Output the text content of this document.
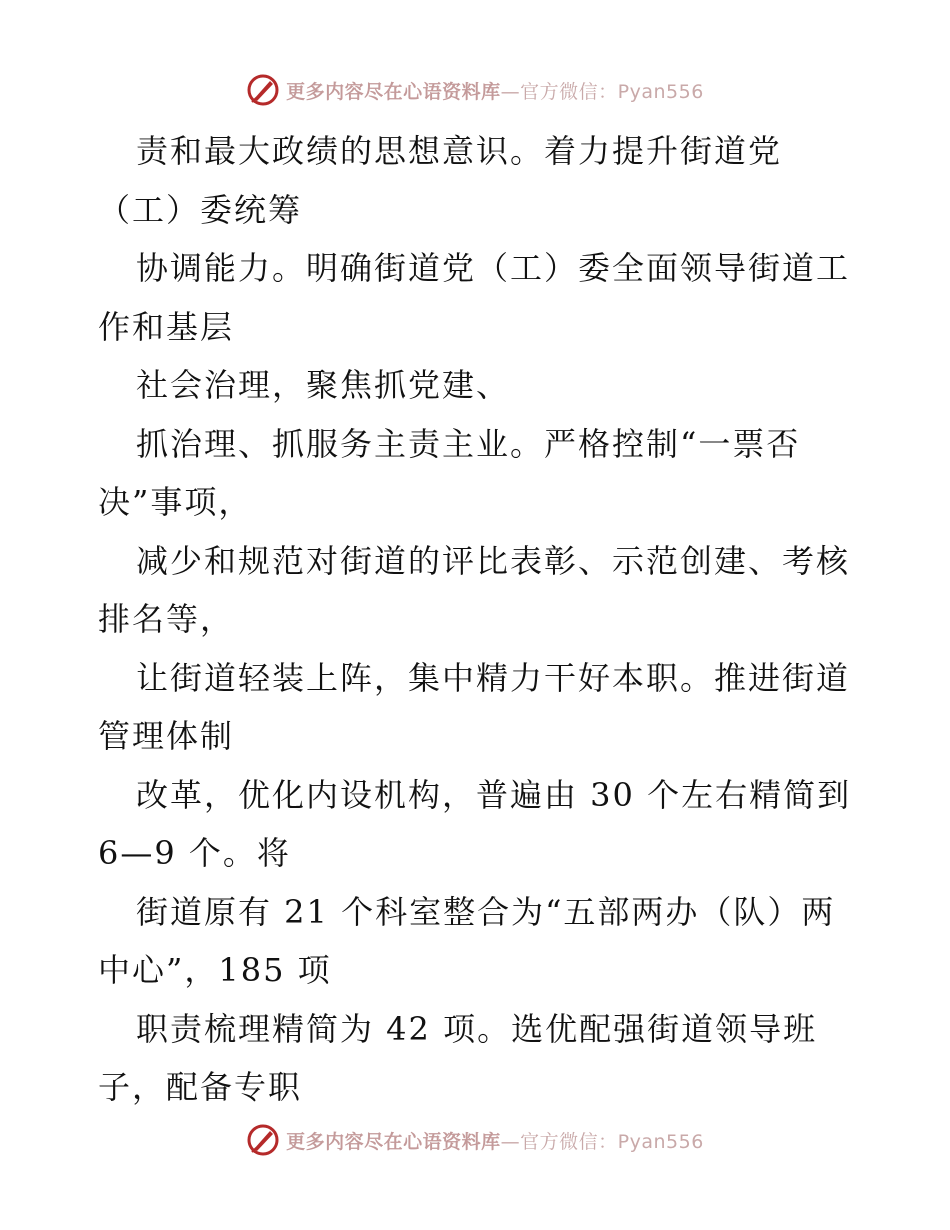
更多内容尽在心语资料库—官方微信：Pyan556
责和最大政绩的思想意识。着力提升街道党
（工）委统筹
协调能力。明确街道党（工）委全面领导街道工
作和基层
社会治理，聚焦抓党建、
抓治理、抓服务主责主业。严格控制“一票否
决”事项，
减少和规范对街道的评比表彰、示范创建、考核
排名等，
让街道轻装上阵，集中精力干好本职。推进街道
管理体制
改革，优化内设机构，普遍由 30 个左右精简到
6—9 个。将
街道原有 21 个科室整合为“五部两办（队）两
中心”，185 项
职责梳理精简为 42 项。选优配强街道领导班
子，配备专职
更多内容尽在心语资料库—官方微信：Pyan556
